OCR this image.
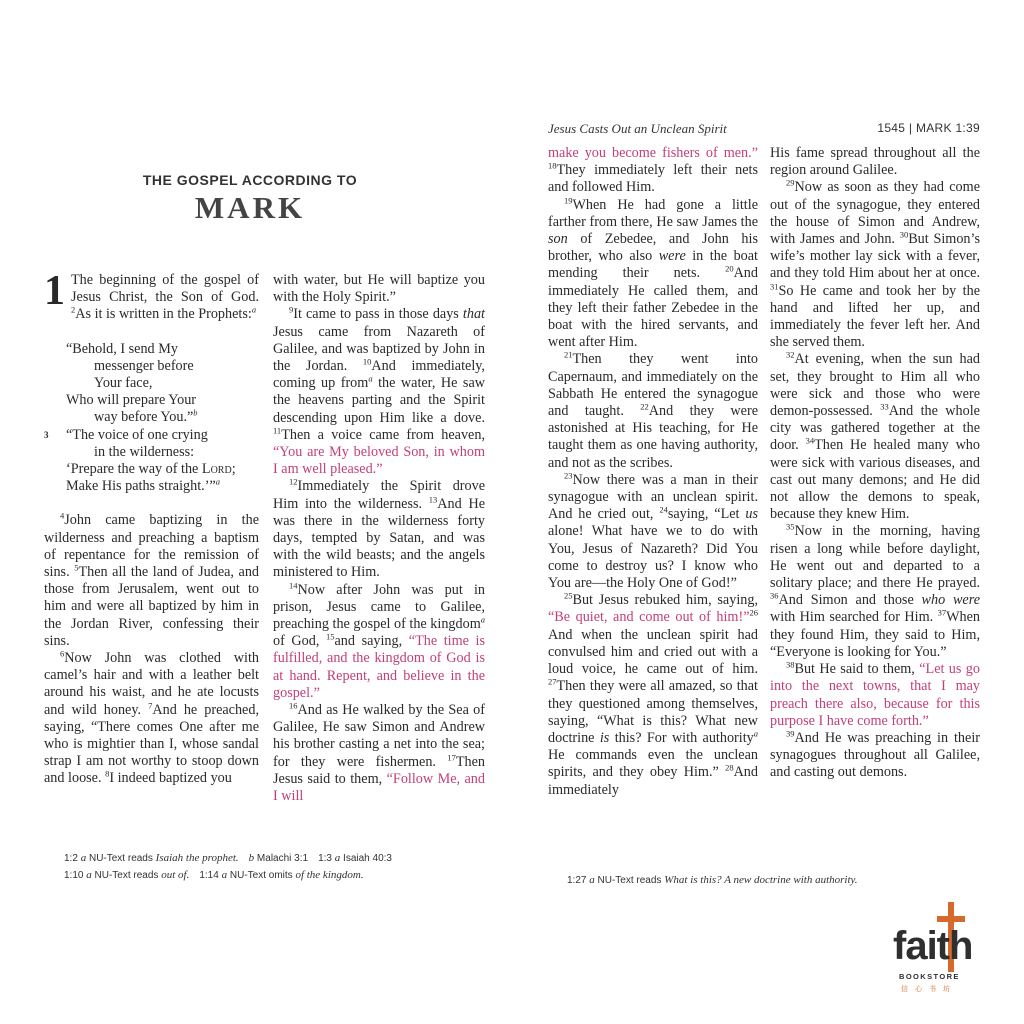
THE GOSPEL ACCORDING TO
MARK

1 The beginning of the gospel of Jesus Christ, the Son of God. $^2$As it is written in the Prophets:$^a$

“Behold, I send My
messenger before
Your face,
Who will prepare Your
way before You.”$^b$
3 “The voice of one crying
in the wilderness:
‘Prepare the way of the Lord;
Make His paths straight.’”$^a$

$^4$John came baptizing in the wilderness and preaching a baptism of repentance for the remission of sins. $^5$Then all the land of Judea, and those from Jerusalem, went out to him and were all baptized by him in the Jordan River, confessing their sins.

$^6$Now John was clothed with camel’s hair and with a leather belt around his waist, and he ate locusts and wild honey. $^7$And he preached, saying, “There comes One after me who is mightier than I, whose sandal strap I am not worthy to stoop down and loose. $^8$I indeed baptized you

with water, but He will baptize you with the Holy Spirit.”

$^9$It came to pass in those days that Jesus came from Nazareth of Galilee, and was baptized by John in the Jordan. $^{10}$And immediately, coming up from$^a$ the water, He saw the heavens parting and the Spirit descending upon Him like a dove. $^{11}$Then a voice came from heaven, “You are My beloved Son, in whom I am well pleased.”

$^{12}$Immediately the Spirit drove Him into the wilderness. $^{13}$And He was there in the wilderness forty days, tempted by Satan, and was with the wild beasts; and the angels ministered to Him.

$^{14}$Now after John was put in prison, Jesus came to Galilee, preaching the gospel of the kingdom$^a$ of God, $^{15}$and saying, “The time is fulfilled, and the kingdom of God is at hand. Repent, and believe in the gospel.”

$^{16}$And as He walked by the Sea of Galilee, He saw Simon and Andrew his brother casting a net into the sea; for they were fishermen. $^{17}$Then Jesus said to them, “Follow Me, and I will

1:2 a NU-Text reads Isaiah the prophet. b Malachi 3:1 1:3 a Isaiah 40:3
1:10 a NU-Text reads out of. 1:14 a NU-Text omits of the kingdom.
Jesus Casts Out an Unclean Spirit	1545 | MARK 1:39

make you become fishers of men.” $^{18}$They immediately left their nets and followed Him.

$^{19}$When He had gone a little farther from there, He saw James the son of Zebedee, and John his brother, who also were in the boat mending their nets. $^{20}$And immediately He called them, and they left their father Zebedee in the boat with the hired servants, and went after Him.

$^{21}$Then they went into Capernaum, and immediately on the Sabbath He entered the synagogue and taught. $^{22}$And they were astonished at His teaching, for He taught them as one having authority, and not as the scribes.

$^{23}$Now there was a man in their synagogue with an unclean spirit. And he cried out, $^{24}$saying, “Let us alone! What have we to do with You, Jesus of Nazareth? Did You come to destroy us? I know who You are—the Holy One of God!”

$^{25}$But Jesus rebuked him, saying, “Be quiet, and come out of him!”$^{26}$ And when the unclean spirit had convulsed him and cried out with a loud voice, he came out of him. $^{27}$Then they were all amazed, so that they questioned among themselves, saying, “What is this? What new doctrine is this? For with authority$^a$ He commands even the unclean spirits, and they obey Him.” $^{28}$And immediately

His fame spread throughout all the region around Galilee.

$^{29}$Now as soon as they had come out of the synagogue, they entered the house of Simon and Andrew, with James and John. $^{30}$But Simon’s wife’s mother lay sick with a fever, and they told Him about her at once. $^{31}$So He came and took her by the hand and lifted her up, and immediately the fever left her. And she served them.

$^{32}$At evening, when the sun had set, they brought to Him all who were sick and those who were demon-possessed. $^{33}$And the whole city was gathered together at the door. $^{34}$Then He healed many who were sick with various diseases, and cast out many demons; and He did not allow the demons to speak, because they knew Him.

$^{35}$Now in the morning, having risen a long while before daylight, He went out and departed to a solitary place; and there He prayed. $^{36}$And Simon and those who were with Him searched for Him. $^{37}$When they found Him, they said to Him, “Everyone is looking for You.”

$^{38}$But He said to them, “Let us go into the next towns, that I may preach there also, because for this purpose I have come forth.”

$^{39}$And He was preaching in their synagogues throughout all Galilee, and casting out demons.

1:27 a NU-Text reads What is this? A new doctrine with authority.
faith
BOOKSTORE
信心书坊
